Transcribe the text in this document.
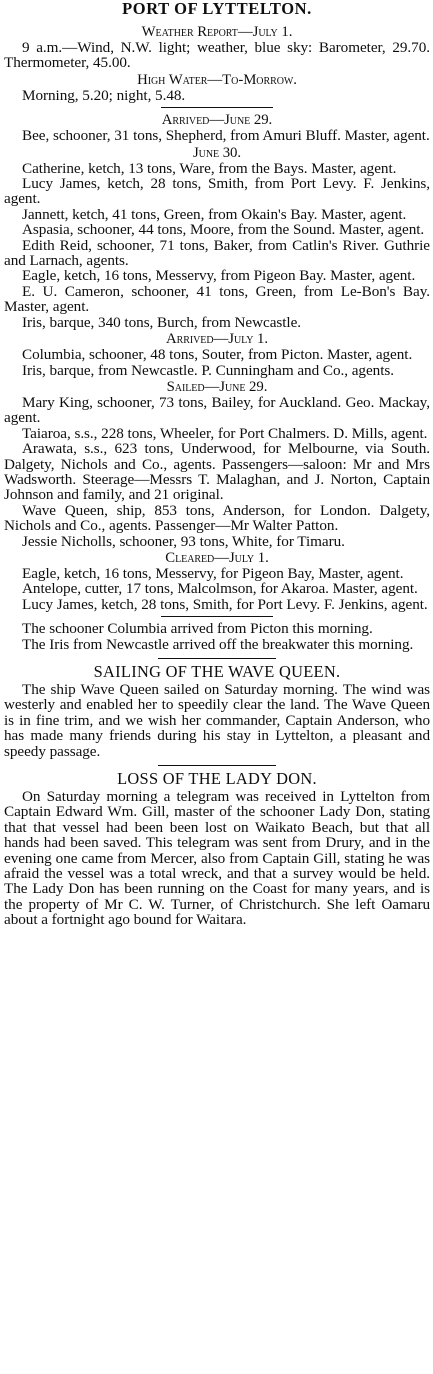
PORT OF LYTTELTON.
Weather Report—July 1.

9 a.m.—Wind, N.W. light; weather, blue sky: Barometer, 29.70. Thermometer, 45.00.

High Water—To-Morrow.

Morning, 5.20; night, 5.48.

Arrived—June 29.

Bee, schooner, 31 tons, Shepherd, from Amuri Bluff. Master, agent.

June 30.

Catherine, ketch, 13 tons, Ware, from the Bays. Master, agent.

Lucy James, ketch, 28 tons, Smith, from Port Levy. F. Jenkins, agent.

Jannett, ketch, 41 tons, Green, from Okain's Bay. Master, agent.

Aspasia, schooner, 44 tons, Moore, from the Sound. Master, agent.

Edith Reid, schooner, 71 tons, Baker, from Catlin's River. Guthrie and Larnach, agents.

Eagle, ketch, 16 tons, Messervy, from Pigeon Bay. Master, agent.

E. U. Cameron, schooner, 41 tons, Green, from Le-Bon's Bay. Master, agent.

Iris, barque, 340 tons, Burch, from Newcastle.

Arrived—July 1.

Columbia, schooner, 48 tons, Souter, from Picton. Master, agent.

Iris, barque, from Newcastle. P. Cunningham and Co., agents.

Sailed—June 29.

Mary King, schooner, 73 tons, Bailey, for Auckland. Geo. Mackay, agent.

Taiaroa, s.s., 228 tons, Wheeler, for Port Chalmers. D. Mills, agent.

Arawata, s.s., 623 tons, Underwood, for Melbourne, via South. Dalgety, Nichols and Co., agents. Passengers—saloon: Mr and Mrs Wadsworth. Steerage—Messrs T. Malaghan, and J. Norton, Captain Johnson and family, and 21 original.

Wave Queen, ship, 853 tons, Anderson, for London. Dalgety, Nichols and Co., agents. Passenger—Mr Walter Patton.

Jessie Nicholls, schooner, 93 tons, White, for Timaru.

Cleared—July 1.

Eagle, ketch, 16 tons, Messervy, for Pigeon Bay, Master, agent.

Antelope, cutter, 17 tons, Malcolmson, for Akaroa. Master, agent.

Lucy James, ketch, 28 tons, Smith, for Port Levy. F. Jenkins, agent.

The schooner Columbia arrived from Picton this morning.

The Iris from Newcastle arrived off the breakwater this morning.

SAILING OF THE WAVE QUEEN.

The ship Wave Queen sailed on Saturday morning. The wind was westerly and enabled her to speedily clear the land. The Wave Queen is in fine trim, and we wish her commander, Captain Anderson, who has made many friends during his stay in Lyttelton, a pleasant and speedy passage.

LOSS OF THE LADY DON.

On Saturday morning a telegram was received in Lyttelton from Captain Edward Wm. Gill, master of the schooner Lady Don, stating that that vessel had been been lost on Waikato Beach, but that all hands had been saved. This telegram was sent from Drury, and in the evening one came from Mercer, also from Captain Gill, stating he was afraid the vessel was a total wreck, and that a survey would be held. The Lady Don has been running on the Coast for many years, and is the property of Mr C. W. Turner, of Christchurch. She left Oamaru about a fortnight ago bound for Waitara.
